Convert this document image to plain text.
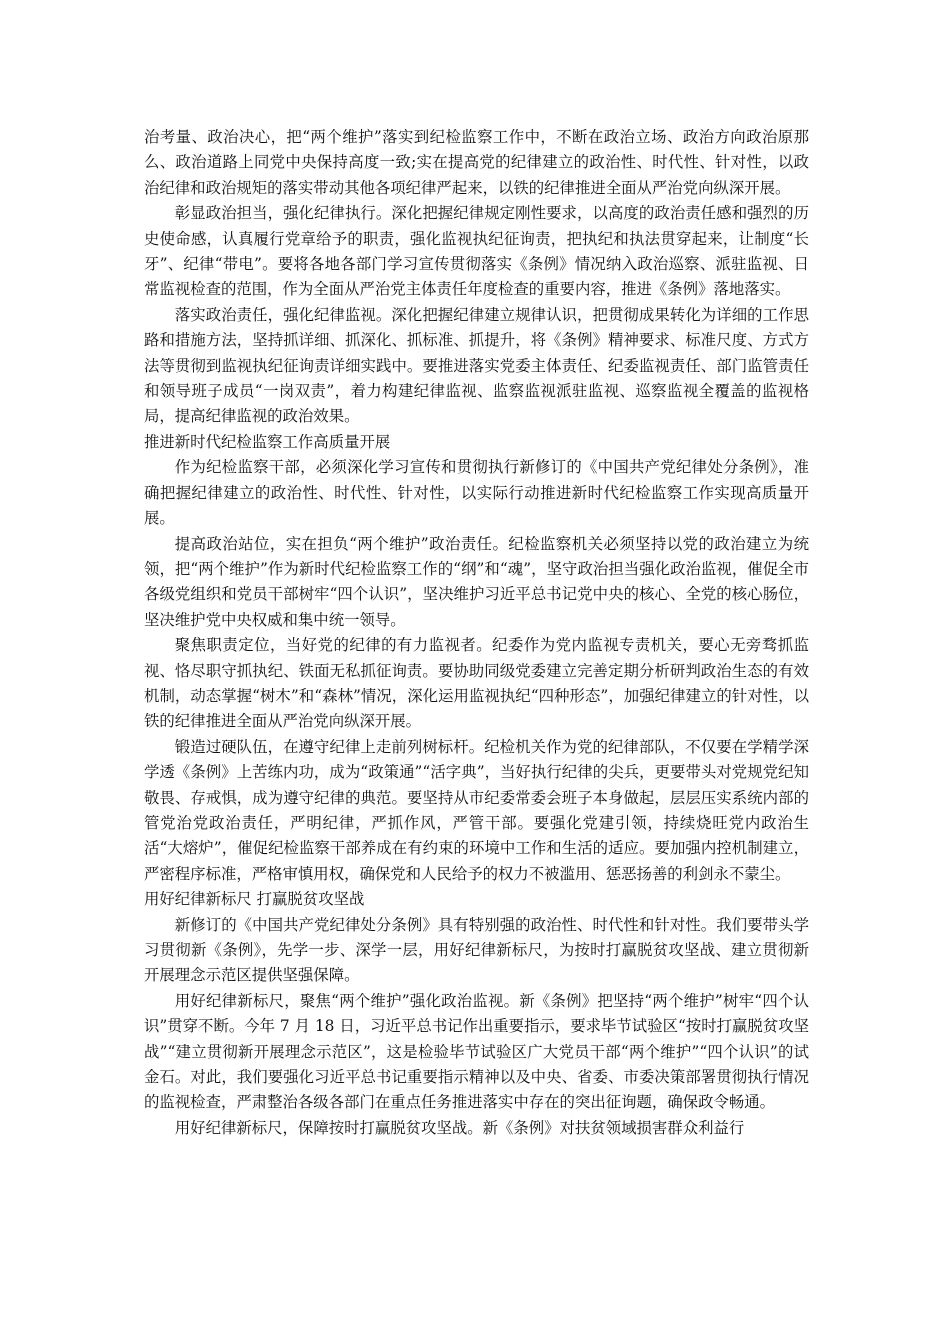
治考量、政治决心，把“两个维护”落实到纪检监察工作中，不断在政治立场、政治方向政治原那么、政治道路上同党中央保持高度一致;实在提高党的纪律建立的政治性、时代性、针对性，以政治纪律和政治规矩的落实带动其他各项纪律严起来，以铁的纪律推进全面从严治党向纵深开展。

彰显政治担当，强化纪律执行。深化把握纪律规定刚性要求，以高度的政治责任感和强烈的历史使命感，认真履行党章给予的职责，强化监视执纪征询责，把执纪和执法贯穿起来，让制度“长牙”、纪律“带电”。要将各地各部门学习宣传贯彻落实《条例》情况纳入政治巡察、派驻监视、日常监视检查的范围，作为全面从严治党主体责任年度检查的重要内容，推进《条例》落地落实。

落实政治责任，强化纪律监视。深化把握纪律建立规律认识，把贯彻成果转化为详细的工作思路和措施方法，坚持抓详细、抓深化、抓标准、抓提升，将《条例》精神要求、标准尺度、方式方法等贯彻到监视执纪征询责详细实践中。要推进落实党委主体责任、纪委监视责任、部门监管责任和领导班子成员“一岗双责”，着力构建纪律监视、监察监视派驻监视、巡察监视全覆盖的监视格局，提高纪律监视的政治效果。

推进新时代纪检监察工作高质量开展

作为纪检监察干部，必须深化学习宣传和贯彻执行新修订的《中国共产党纪律处分条例》，准确把握纪律建立的政治性、时代性、针对性，以实际行动推进新时代纪检监察工作实现高质量开展。

提高政治站位，实在担负“两个维护”政治责任。纪检监察机关必须坚持以党的政治建立为统领，把“两个维护”作为新时代纪检监察工作的“纲”和“魂”，坚守政治担当强化政治监视，催促全市各级党组织和党员干部树牢“四个认识”，坚决维护习近平总书记党中央的核心、全党的核心肠位，坚决维护党中央权威和集中统一领导。

聚焦职责定位，当好党的纪律的有力监视者。纪委作为党内监视专责机关，要心无旁骛抓监视、恪尽职守抓执纪、铁面无私抓征询责。要协助同级党委建立完善定期分析研判政治生态的有效机制，动态掌握“树木”和“森林”情况，深化运用监视执纪“四种形态”，加强纪律建立的针对性，以铁的纪律推进全面从严治党向纵深开展。

锻造过硬队伍，在遵守纪律上走前列树标杆。纪检机关作为党的纪律部队，不仅要在学精学深学透《条例》上苦练内功，成为“政策通”“活字典”，当好执行纪律的尖兵，更要带头对党规党纪知敬畏、存戒惧，成为遵守纪律的典范。要坚持从市纪委常委会班子本身做起，层层压实系统内部的管党治党政治责任，严明纪律，严抓作风，严管干部。要强化党建引领，持续烧旺党内政治生活“大熔炉”，催促纪检监察干部养成在有约束的环境中工作和生活的适应。要加强内控机制建立，严密程序标准，严格审慎用权，确保党和人民给予的权力不被滥用、惩恶扬善的利剑永不蒙尘。

用好纪律新标尺 打赢脱贫攻坚战

新修订的《中国共产党纪律处分条例》具有特别强的政治性、时代性和针对性。我们要带头学习贯彻新《条例》，先学一步、深学一层，用好纪律新标尺，为按时打赢脱贫攻坚战、建立贯彻新开展理念示范区提供坚强保障。

用好纪律新标尺，聚焦“两个维护”强化政治监视。新《条例》把坚持“两个维护”树牢“四个认识”贯穿不断。今年 7 月 18 日，习近平总书记作出重要指示，要求毕节试验区“按时打赢脱贫攻坚战”“建立贯彻新开展理念示范区”，这是检验毕节试验区广大党员干部“两个维护”“四个认识”的试金石。对此，我们要强化习近平总书记重要指示精神以及中央、省委、市委决策部署贯彻执行情况的监视检查，严肃整治各级各部门在重点任务推进落实中存在的突出征询题，确保政令畅通。

用好纪律新标尺，保障按时打赢脱贫攻坚战。新《条例》对扶贫领域损害群众利益行
